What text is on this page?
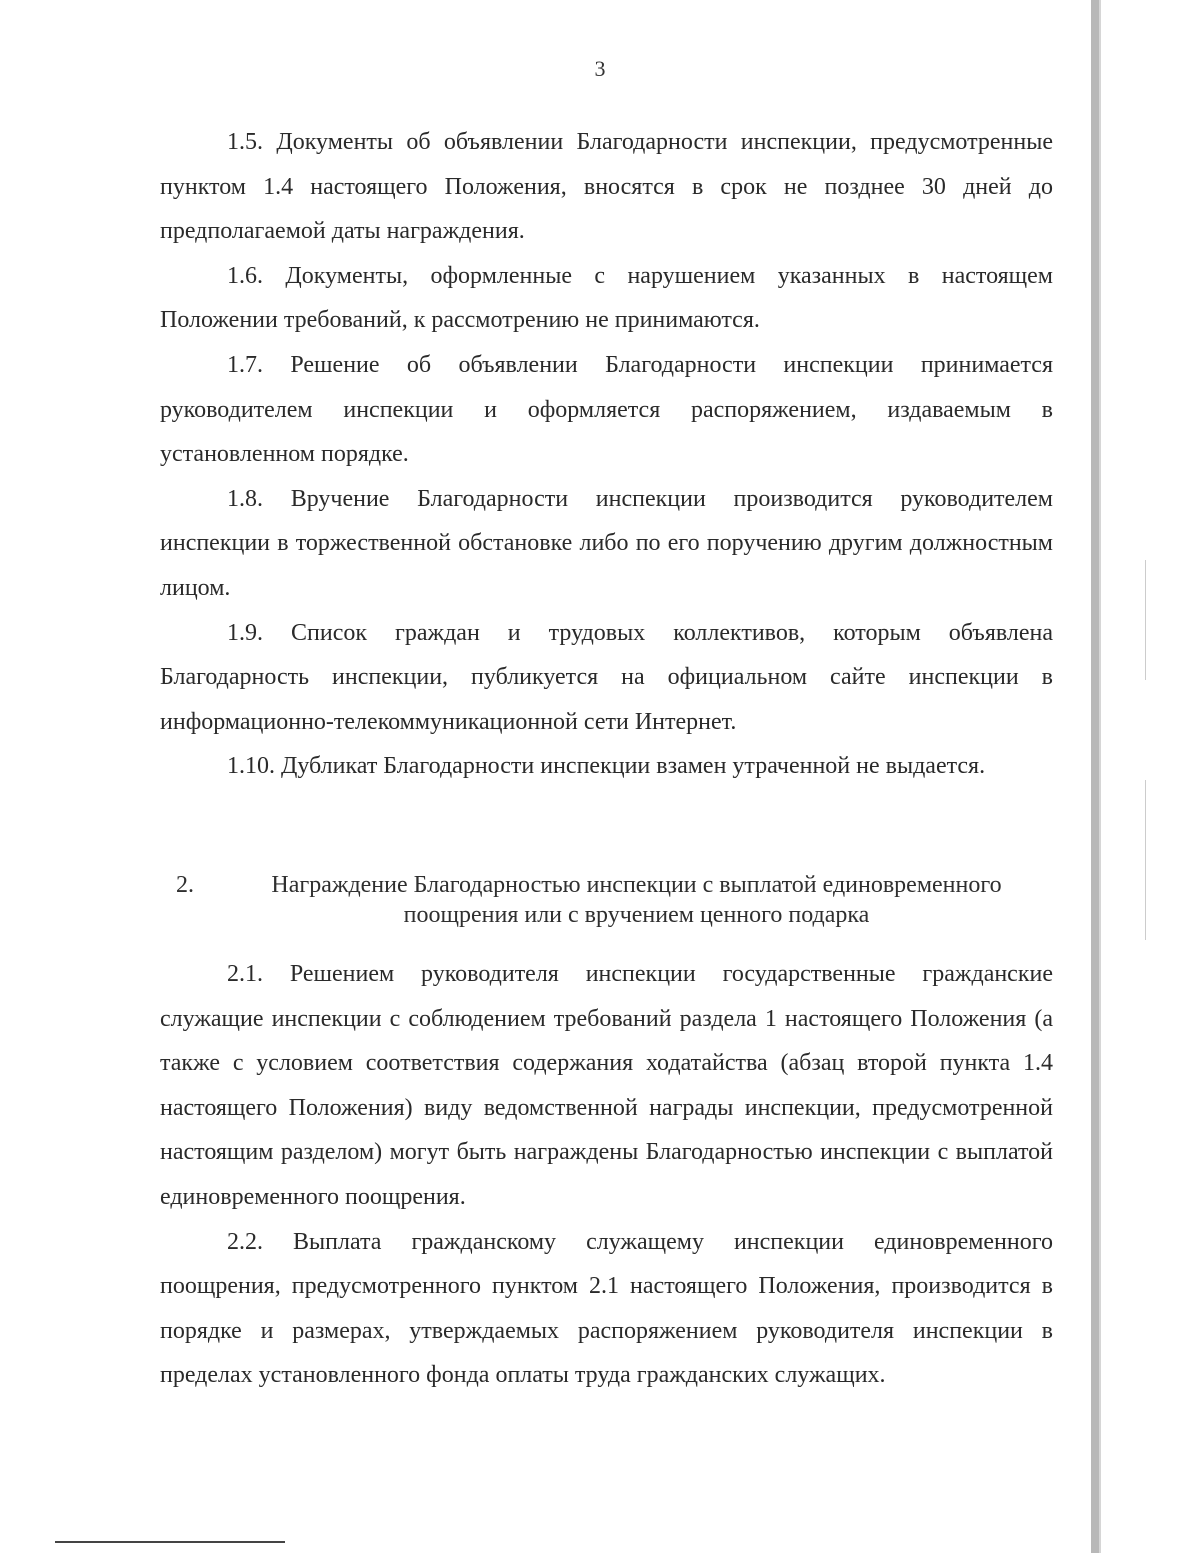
3

1.5. Документы об объявлении Благодарности инспекции, предусмотренные пунктом 1.4 настоящего Положения, вносятся в срок не позднее 30 дней до предполагаемой даты награждения.

1.6. Документы, оформленные с нарушением указанных в настоящем Положении требований, к рассмотрению не принимаются.

1.7. Решение об объявлении Благодарности инспекции принимается руководителем инспекции и оформляется распоряжением, издаваемым в установленном порядке.

1.8. Вручение Благодарности инспекции производится руководителем инспекции в торжественной обстановке либо по его поручению другим должностным лицом.

1.9. Список граждан и трудовых коллективов, которым объявлена Благодарность инспекции, публикуется на официальном сайте инспекции в информационно-телекоммуникационной сети Интернет.

1.10. Дубликат Благодарности инспекции взамен утраченной не выдается.

2.	Награждение Благодарностью инспекции с выплатой единовременного поощрения или с вручением ценного подарка

2.1. Решением руководителя инспекции государственные гражданские служащие инспекции с соблюдением требований раздела 1 настоящего Положения (а также с условием соответствия содержания ходатайства (абзац второй пункта 1.4 настоящего Положения) виду ведомственной награды инспекции, предусмотренной настоящим разделом) могут быть награждены Благодарностью инспекции с выплатой единовременного поощрения.

2.2. Выплата гражданскому служащему инспекции единовременного поощрения, предусмотренного пунктом 2.1 настоящего Положения, производится в порядке и размерах, утверждаемых распоряжением руководителя инспекции в пределах установленного фонда оплаты труда гражданских служащих.
